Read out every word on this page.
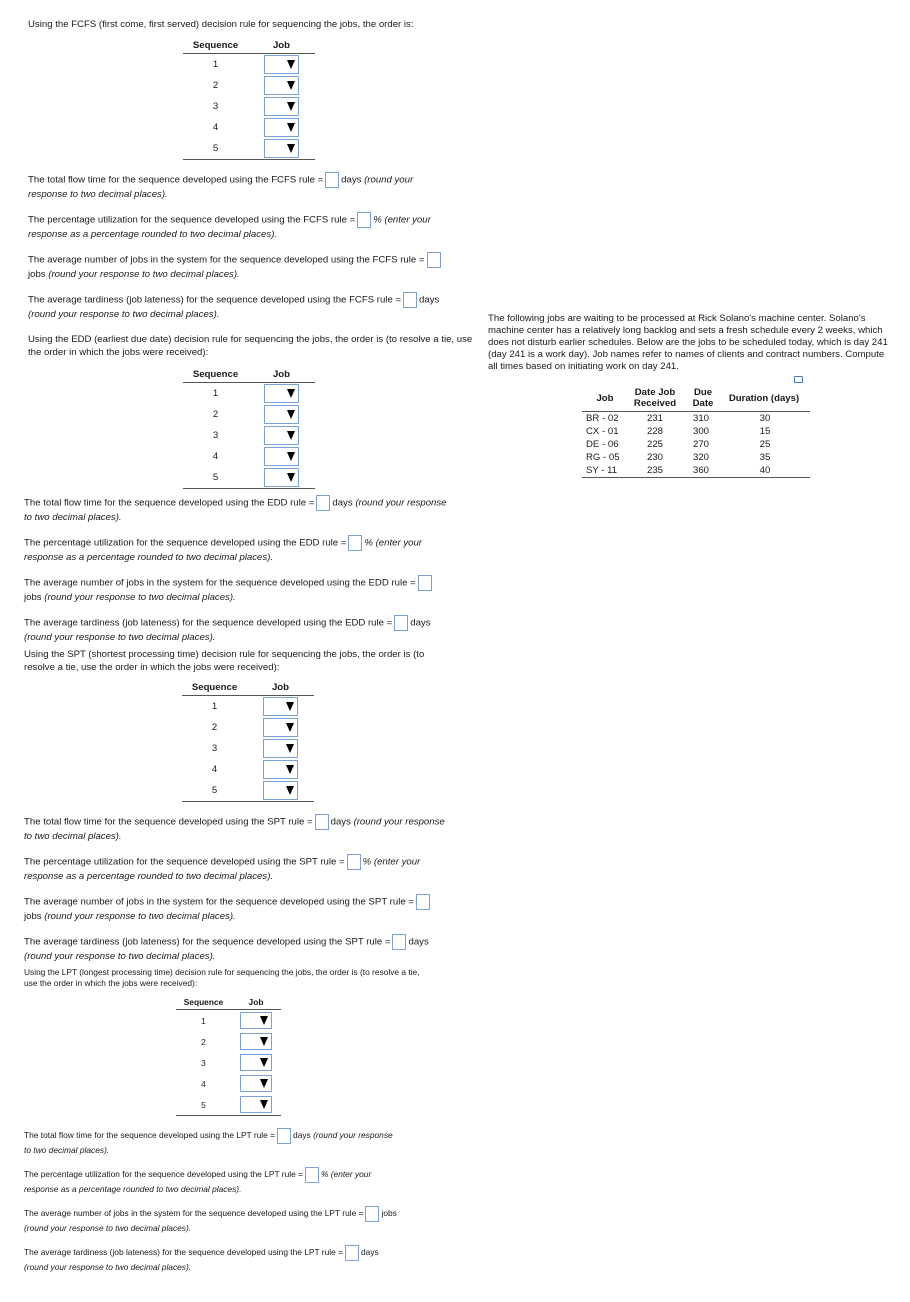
Using the FCFS (first come, first served) decision rule for sequencing the jobs, the order is:

Sequence	Job
1	

2	

3	

4	

5	

The total flow time for the sequence developed using the FCFS rule = days (round your
response to two decimal places).

The percentage utilization for the sequence developed using the FCFS rule = % (enter your
response as a percentage rounded to two decimal places).

The average number of jobs in the system for the sequence developed using the FCFS rule =
jobs (round your response to two decimal places).

The average tardiness (job lateness) for the sequence developed using the FCFS rule = days
(round your response to two decimal places).

Using the EDD (earliest due date) decision rule for sequencing the jobs, the order is (to resolve a tie, use the order in which the jobs were received):

Sequence	Job
1	

2	

3	

4	

5	

The total flow time for the sequence developed using the EDD rule = days (round your response
to two decimal places).

The percentage utilization for the sequence developed using the EDD rule = % (enter your
response as a percentage rounded to two decimal places).

The average number of jobs in the system for the sequence developed using the EDD rule =
jobs (round your response to two decimal places).

The average tardiness (job lateness) for the sequence developed using the EDD rule = days
(round your response to two decimal places).

Using the SPT (shortest processing time) decision rule for sequencing the jobs, the order is (to resolve a tie, use the order in which the jobs were received):

Sequence	Job
1	

2	

3	

4	

5	

The total flow time for the sequence developed using the SPT rule = days (round your response
to two decimal places).

The percentage utilization for the sequence developed using the SPT rule = % (enter your
response as a percentage rounded to two decimal places).

The average number of jobs in the system for the sequence developed using the SPT rule =
jobs (round your response to two decimal places).

The average tardiness (job lateness) for the sequence developed using the SPT rule = days
(round your response to two decimal places).

Using the LPT (longest processing time) decision rule for sequencing the jobs, the order is (to resolve a tie, use the order in which the jobs were received):

Sequence	Job
1	

2	

3	

4	

5	

The total flow time for the sequence developed using the LPT rule = days (round your response
to two decimal places).

The percentage utilization for the sequence developed using the LPT rule = % (enter your
response as a percentage rounded to two decimal places).

The average number of jobs in the system for the sequence developed using the LPT rule = jobs
(round your response to two decimal places).

The average tardiness (job lateness) for the sequence developed using the LPT rule = days
(round your response to two decimal places).

The following jobs are waiting to be processed at Rick Solano's machine center. Solano's machine center has a relatively long backlog and sets a fresh schedule every 2 weeks, which does not disturb earlier schedules. Below are the jobs to be scheduled today, which is day 241 (day 241 is a work day). Job names refer to names of clients and contract numbers. Compute all times based on initiating work on day 241.

Job	Date Job Received	Due Date	Duration (days)
BR - 02	231	310	30
CX - 01	228	300	15
DE - 06	225	270	25
RG - 05	230	320	35
SY - 11	235	360	40
